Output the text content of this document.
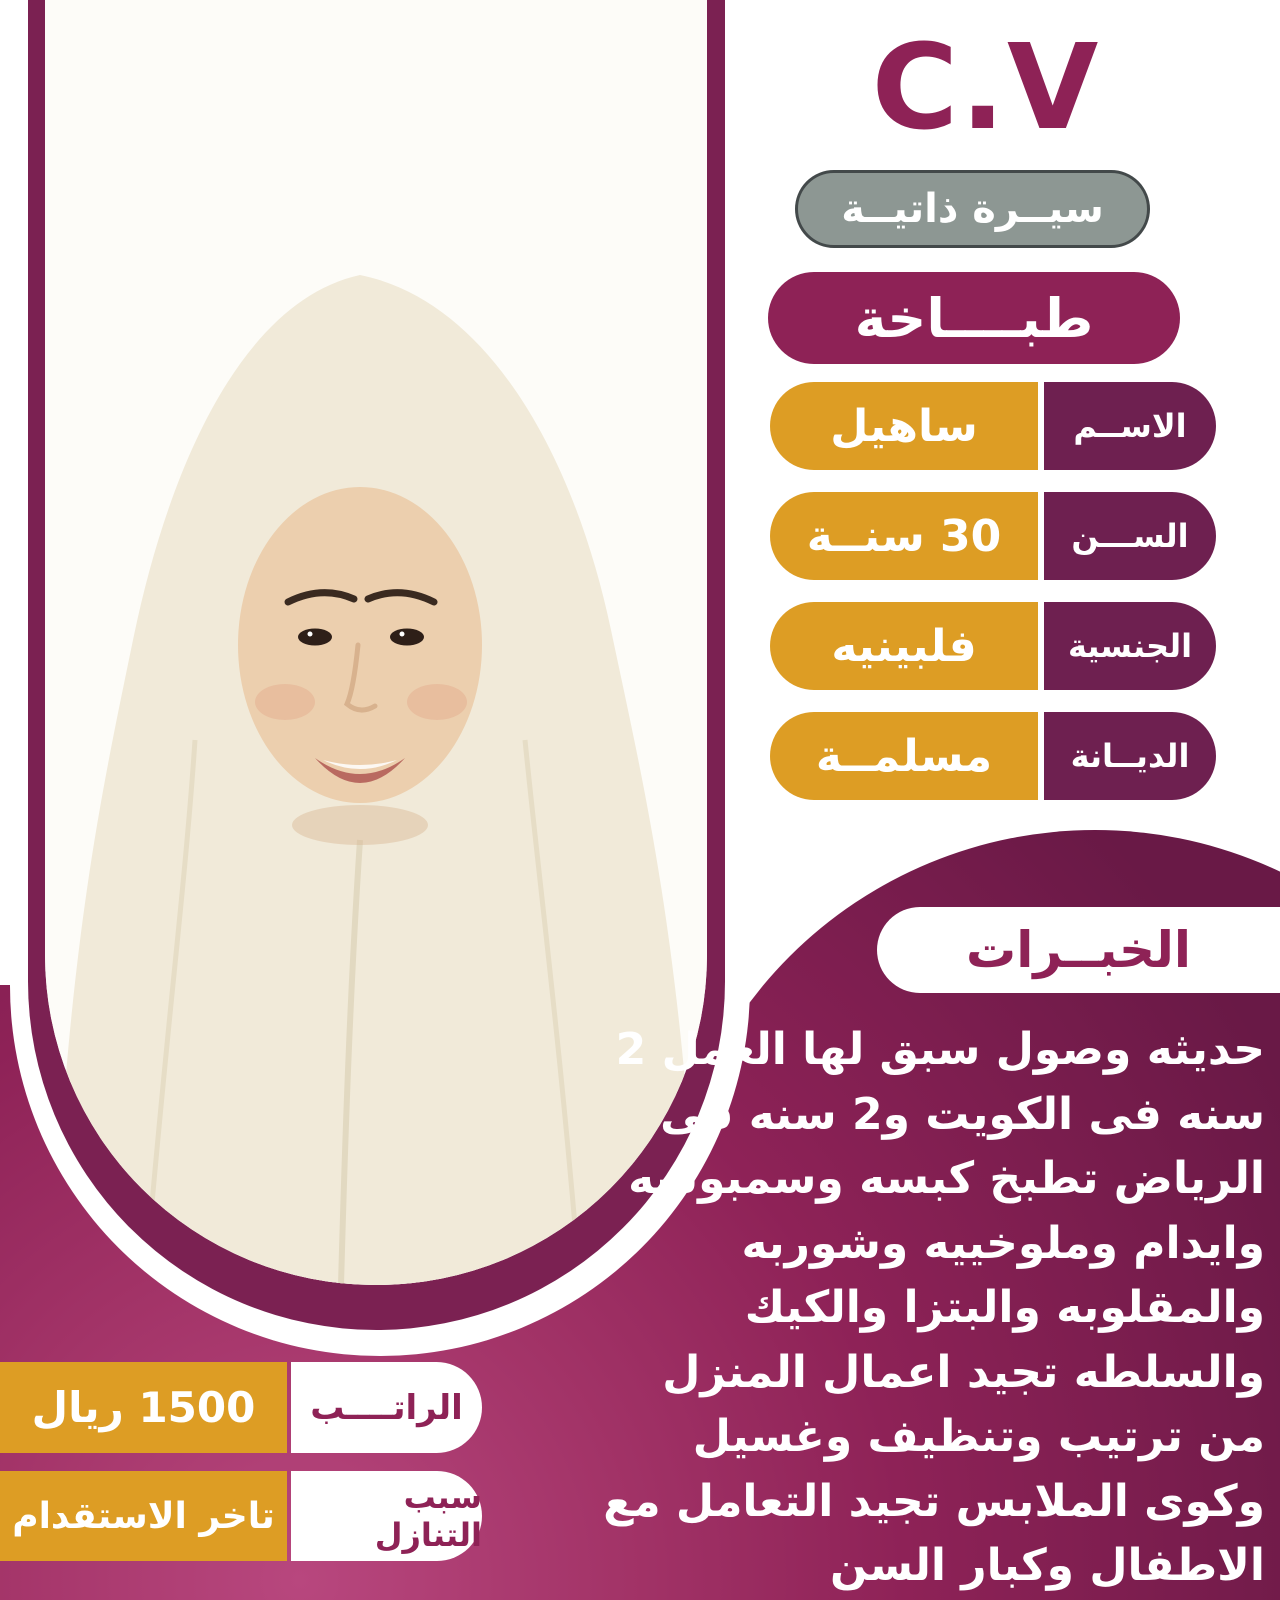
C.V
سيــرة ذاتيــة
طبــــاخة
ساهيل	الاســم
30 سنــة	الســـن
فلبينيه	الجنسية
مسلمــة	الديــانة
الخبــرات
حديثه وصول سبق لها العمل 2
سنه فى الكويت و2 سنه فى
الرياض تطبخ كبسه وسمبوسه
وايدام وملوخييه وشوربه
والمقلوبه والبتزا والكيك
والسلطه تجيد اعمال المنزل
من ترتيب وتنظيف وغسيل
وكوى الملابس تجيد التعامل مع
الاطفال وكبار السن
1500 ريال	الراتــــب
تاخر الاستقدام	سبب التنازل
